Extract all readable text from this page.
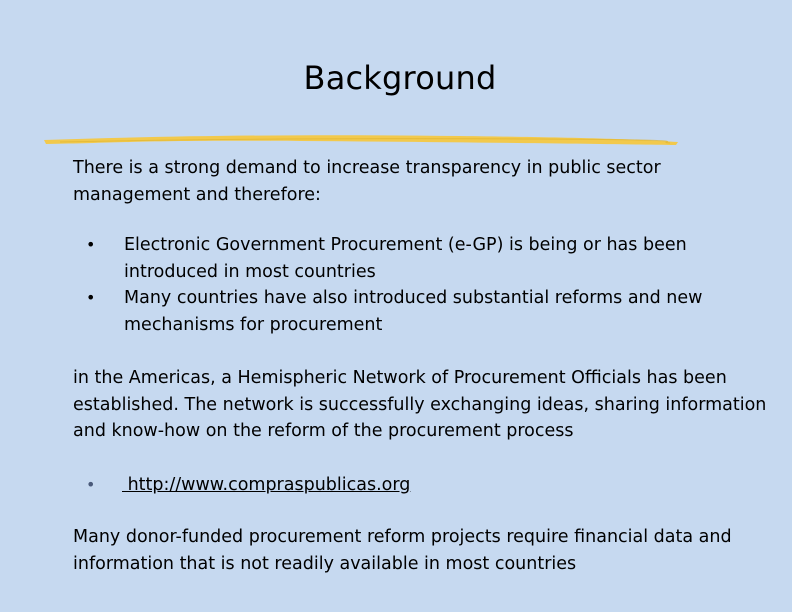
Background

There is a strong demand to increase transparency in public sector management and therefore:

• Electronic Government Procurement (e-GP) is being or has been introduced in most countries
• Many countries have also introduced substantial reforms and new mechanisms for procurement

in the Americas, a Hemispheric Network of Procurement Officials has been established. The network is successfully exchanging ideas, sharing information and know-how on the reform of the procurement process

• http://www.compraspublicas.org

Many donor-funded procurement reform projects require financial data and information that is not readily available in most countries
